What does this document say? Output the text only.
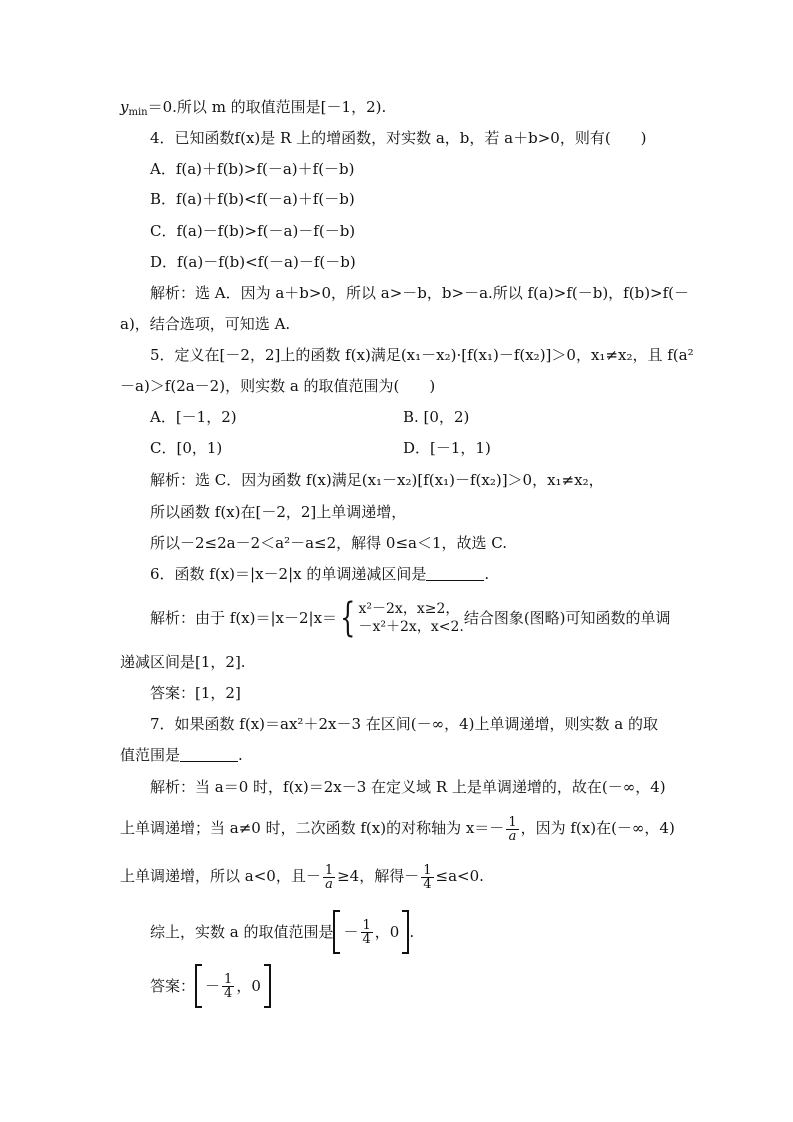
$y_{min}=0$.所以 m 的取值范围是[－1，2).
4．已知函数f(x)是 R 上的增函数，对实数 a，b，若 a＋b>0，则有(　　)
A．f(a)＋f(b)>f(－a)＋f(－b)
B．f(a)＋f(b)<f(－a)＋f(－b)
C．f(a)－f(b)>f(－a)－f(－b)
D．f(a)－f(b)<f(－a)－f(－b)
解析：选 A．因为 a＋b>0，所以 a>－b，b>－a.所以 f(a)>f(－b)，f(b)>f(－
a)，结合选项，可知选 A.
5．定义在[－2，2]上的函数 f(x)满足(x₁－x₂)·[f(x₁)－f(x₂)]＞0，x₁≠x₂，且 f(a²
－a)＞f(2a－2)，则实数 a 的取值范围为(　　)
A．[－1，2)	B. [0，2)
C．[0，1)	D．[－1，1)
解析：选 C．因为函数 f(x)满足(x₁－x₂)[f(x₁)－f(x₂)]＞0，x₁≠x₂，
所以函数 f(x)在[－2，2]上单调递增，
所以－2≤2a－2＜a²－a≤2，解得 0≤a＜1，故选 C.
6．函数 f(x)＝|x－2|x 的单调递减区间是	.
解析：由于 f(x)＝|x－2|x＝{ x²－2x，x≥2，
－x²＋2x，x<2. 结合图象(图略)可知函数的单调
递减区间是[1，2].
答案：[1，2]
7．如果函数 f(x)＝ax²＋2x－3 在区间(－∞，4)上单调递增，则实数 a 的取
值范围是	.
解析：当 a＝0 时，f(x)＝2x－3 在定义域 R 上是单调递增的，故在(－∞，4)
上单调递增；当 a≠0 时，二次函数 f(x)的对称轴为 $x=- \frac{1}{a}$ ，因为 f(x)在(－∞，4)
上单调递增，所以 a<0，且－ $\frac{1}{a} \ge 4$，解得－ $\frac{1}{4} \le a<0$.
综上，实数 a 的取值范围是 － $\frac{1}{4}$ ，0 .
答案： － $\frac{1}{4}$ ，0
